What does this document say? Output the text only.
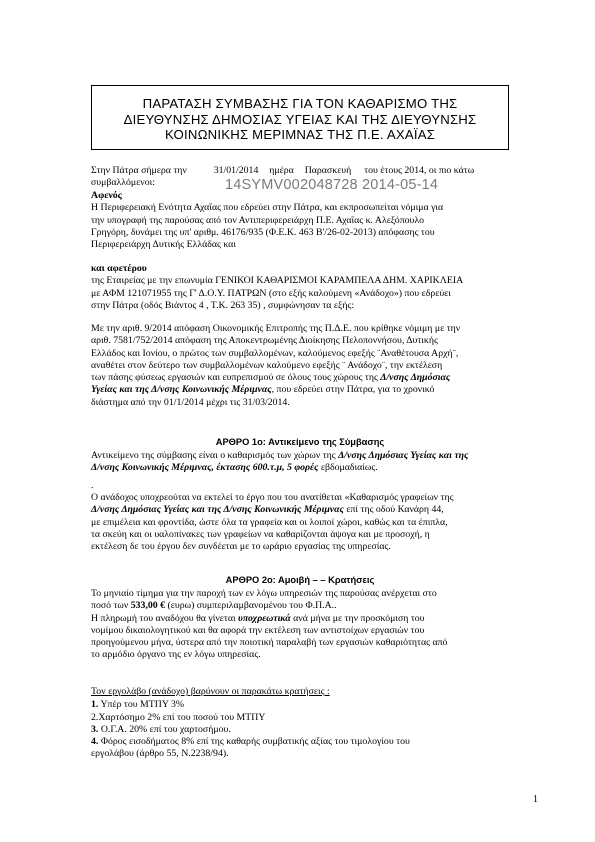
ΠΑΡΑΤΑΣΗ ΣΥΜΒΑΣΗΣ ΓΙΑ ΤΟΝ ΚΑΘΑΡΙΣΜΟ ΤΗΣ
ΔΙΕΥΘΥΝΣΗΣ ΔΗΜΟΣΙΑΣ ΥΓΕΙΑΣ ΚΑΙ ΤΗΣ ΔΙΕΥΘΥΝΣΗΣ
ΚΟΙΝΩΝΙΚΗΣ ΜΕΡΙΜΝΑΣ ΤΗΣ Π.Ε. ΑΧΑΪΑΣ
Στην Πάτρα σήμερα την	31/01/2014 ημέρα Παρασκευή του έτους 2014, οι πιο κάτω
συμβαλλόμενοι:	14SYMV002048728 2014-05-14
Αφενός
Η Περιφερειακή Ενότητα Αχαΐας που εδρεύει στην Πάτρα, και εκπροσωπείται νόμιμα για
την υπογραφή της παρούσας από τον Αντιπεριφερειάρχη Π.Ε. Αχαΐας κ. Αλεξόπουλο
Γρηγόρη, δυνάμει της υπ' αριθμ. 46176/935 (Φ.Ε.Κ. 463 Β'/26-02-2013) απόφασης του
Περιφερειάρχη Δυτικής Ελλάδας και
και αφετέρου
της Εταιρείας με την επωνυμία ΓΕΝΙΚΟΙ ΚΑΘΑΡΙΣΜΟΙ ΚΑΡΑΜΠΕΛΑ ΔΗΜ. ΧΑΡΙΚΛΕΙΑ
με ΑΦΜ 121071955 της Γ' Δ.Ο.Υ. ΠΑΤΡΩΝ (στο εξής καλούμενη «Ανάδοχο») που εδρεύει
στην Πάτρα (οδός Βιάντος 4 , Τ.Κ. 263 35) , συμφώνησαν τα εξής:
Με την αριθ. 9/2014 απόφαση Οικονομικής Επιτροπής της Π.Δ.Ε. που κρίθηκε νόμιμη με την
αριθ. 7581/752/2014 απόφαση της Αποκεντρωμένης Διοίκησης Πελοποννήσου, Δυτικής
Ελλάδος και Ιονίου, ο πρώτος των συμβαλλομένων, καλούμενος εφεξής ¨Αναθέτουσα Αρχή¨,
αναθέτει στον δεύτερο των συμβαλλομένων καλούμενο εφεξής ¨ Ανάδοχο¨, την εκτέλεση
των πάσης φύσεως εργασιών και ευπρεπισμού σε όλους τους χώρους της Δ/νσης Δημόσιας
Υγείας και της Δ/νσης Κοινωνικής Μέριμνας, που εδρεύει στην Πάτρα, για το χρονικό
διάστημα από την 01/1/2014 μέχρι τις 31/03/2014.
ΑΡΘΡΟ 1ο: Αντικείμενο της Σύμβασης
Αντικείμενο της σύμβασης είναι ο καθαρισμός των χώρων της Δ/νσης Δημόσιας Υγείας και της
Δ/νσης Κοινωνικής Μέριμνας, έκτασης 600.τ.μ, 5 φορές εβδομαδιαίως.
.
Ο ανάδοχος υποχρεούται να εκτελεί το έργο που του ανατίθεται «Καθαρισμός γραφείων της
Δ/νσης Δημόσιας Υγείας και της Δ/νσης Κοινωνικής Μέριμνας επί της οδού Κανάρη 44,
με επιμέλεια και φροντίδα, ώστε όλα τα γραφεία και οι λοιποί χώροι, καθώς και τα έπιπλα,
τα σκεύη και οι υαλοπίνακες των γραφείων να καθαρίζονται άψογα και με προσοχή, η
εκτέλεση δε του έργου δεν συνδέεται με το ωράριο εργασίας της υπηρεσίας.
ΑΡΘΡΟ 2ο: Αμοιβή – – Κρατήσεις
Το μηνιαίο τίμημα για την παροχή των εν λόγω υπηρεσιών της παρούσας ανέρχεται στο
ποσό των 533,00 € (ευρω) συμπεριλαμβανομένου του Φ.Π.Α..
Η πληρωμή του αναδόχου θα γίνεται υποχρεωτικά ανά μήνα με την προσκόμιση του
νομίμου δικαιολογητικού και θα αφορά την εκτέλεση των αντιστοίχων εργασιών του
προηγούμενου μήνα, ύστερα από την ποιοτική παραλαβή των εργασιών καθαριότητας από
το αρμόδιο όργανο της εν λόγω υπηρεσίας.
Τον εργολάβο (ανάδοχο) βαρύνουν οι παρακάτω κρατήσεις :
1. Υπέρ του ΜΤΠΥ 3%
2.Χαρτόσημο 2% επί του ποσού του ΜΤΠΥ
3. Ο.Γ.Α. 20% επί του χαρτοσήμου.
4. Φόρος εισοδήματος 8% επί της καθαρής συμβατικής αξίας του τιμολογίου του
εργολάβου (άρθρο 55, Ν.2238/94).
1
